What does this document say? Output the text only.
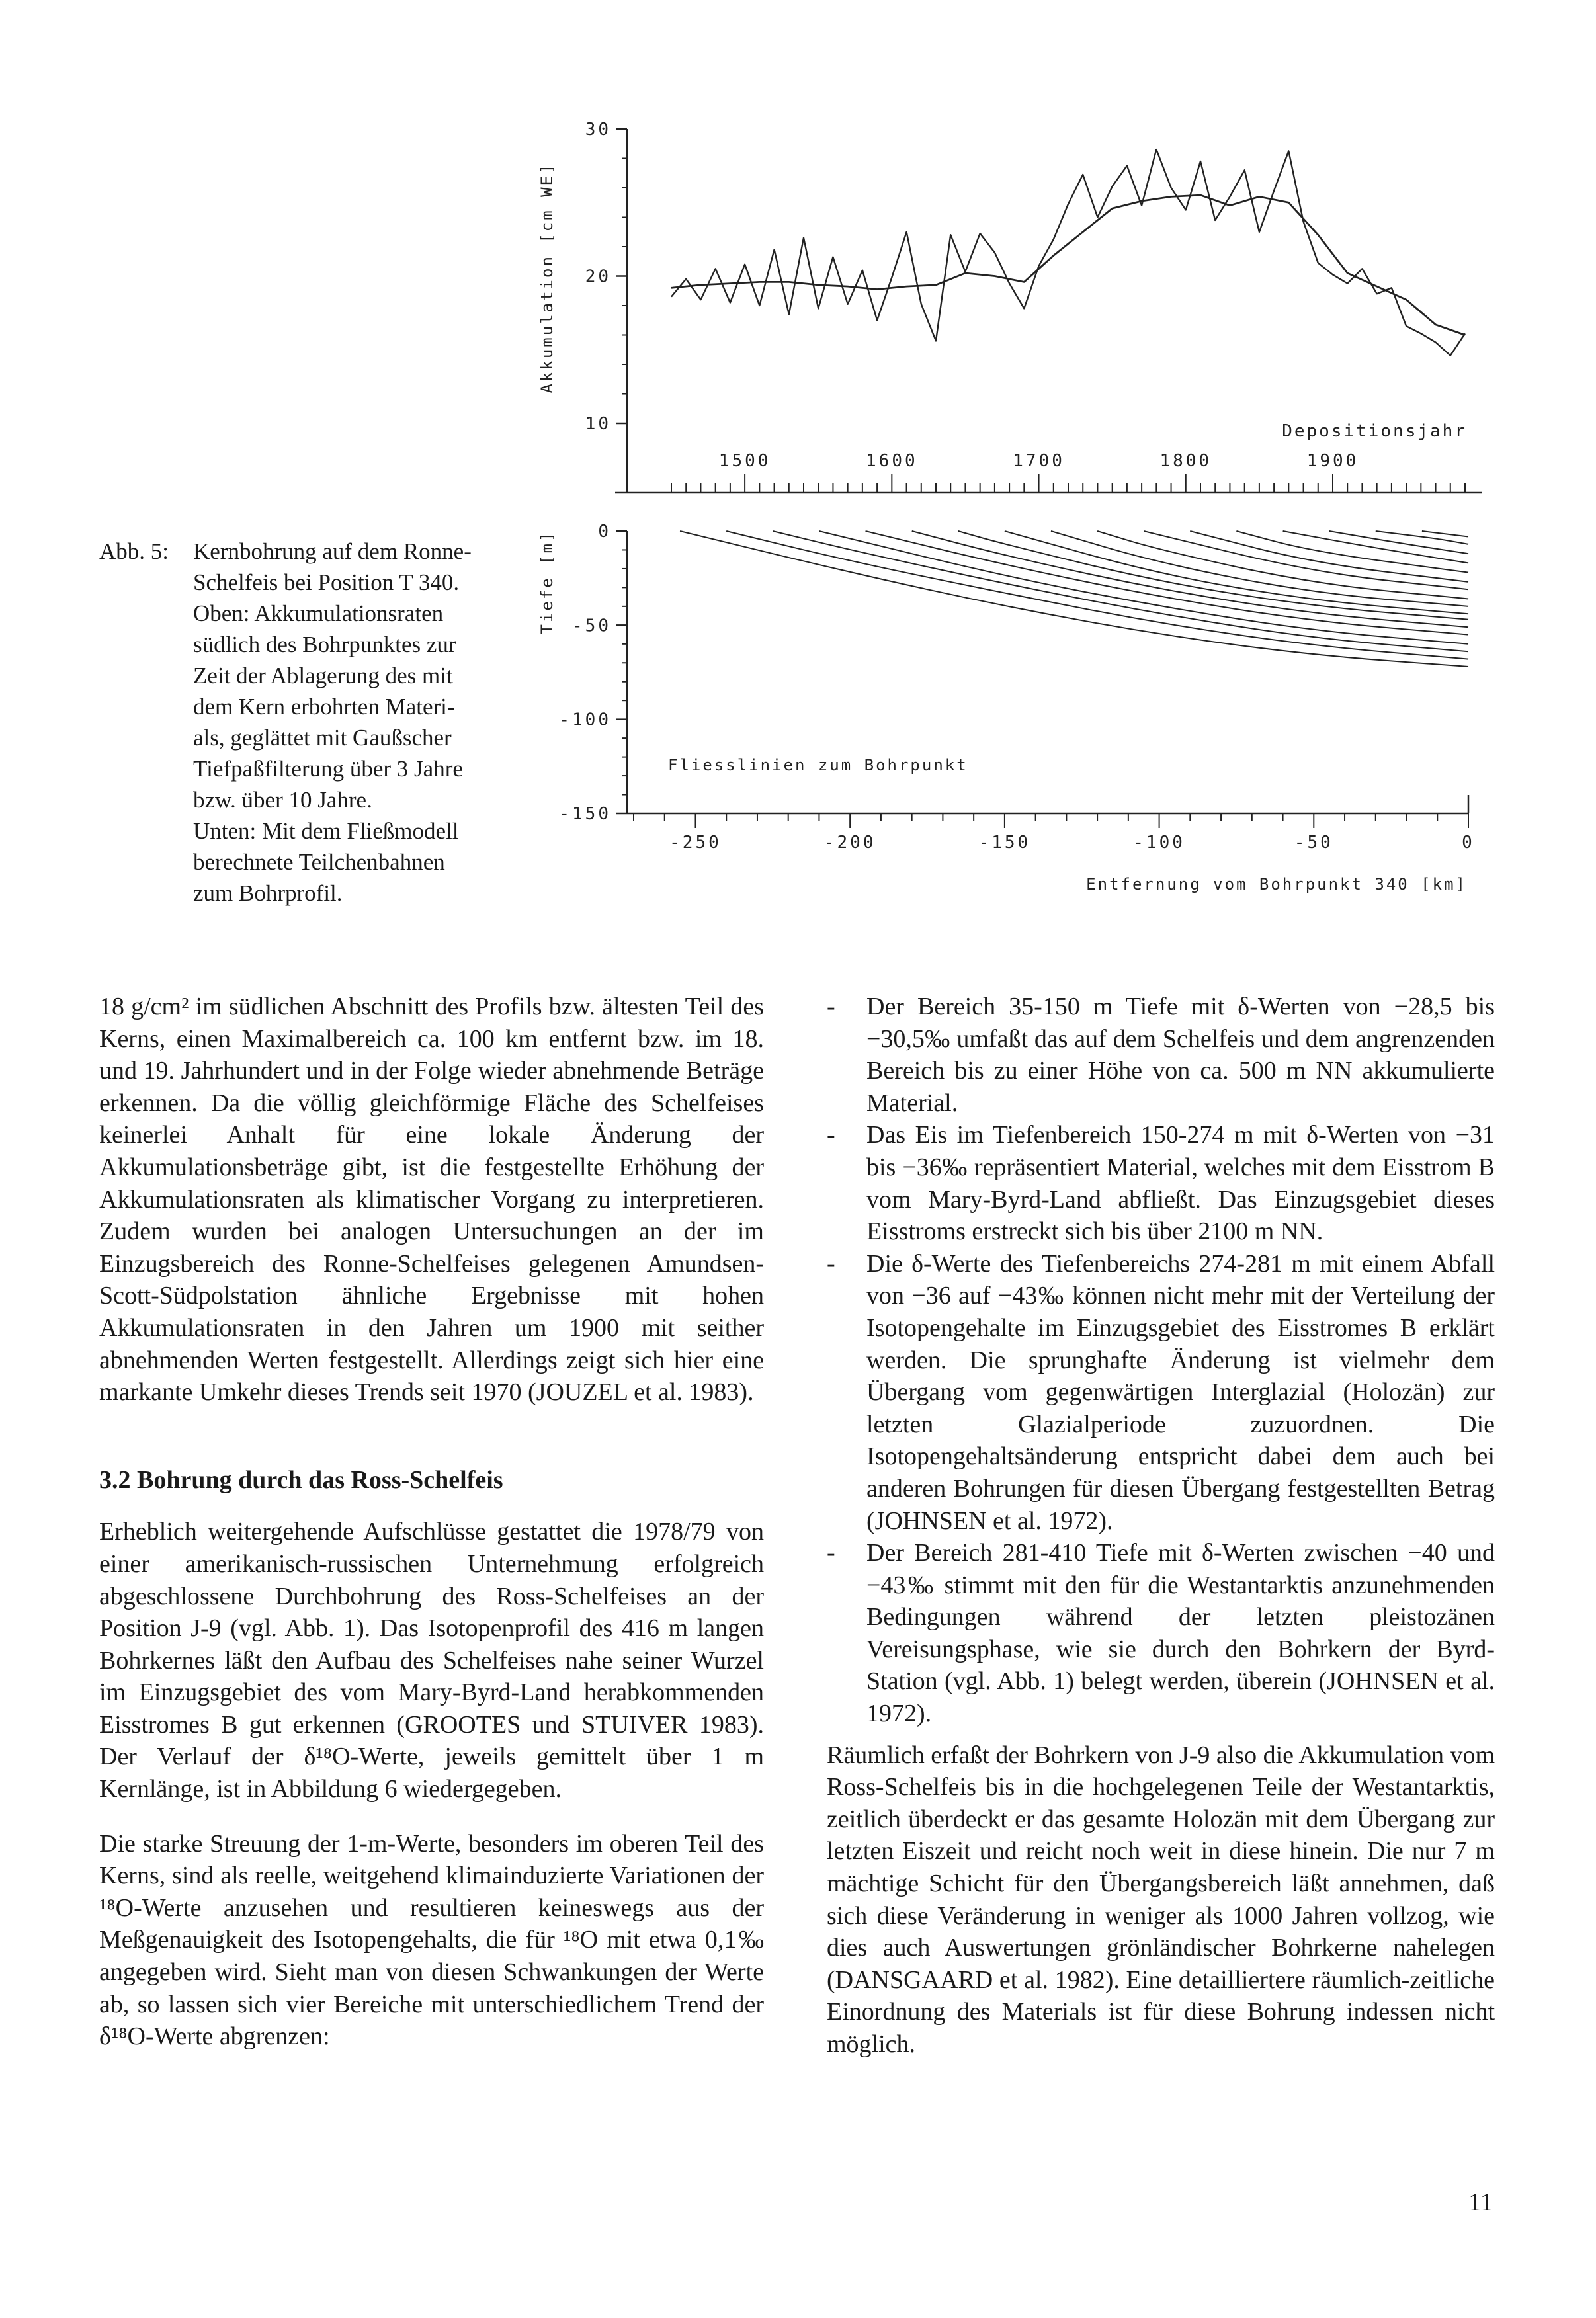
30
20
10
Akkumulation [cm WE]
1500	1600	1700	1800	1900
Depositionsjahr
0
-50
-100
-150
Tiefe [m]
-250	-200	-150	-100	-50	0
Entfernung vom Bohrpunkt 340 [km]
Fliesslinien zum Bohrpunkt

Abb. 5: Kernbohrung auf dem Ronne-
Schelfeis bei Position T 340.
Oben: Akkumulationsraten
südlich des Bohrpunktes zur
Zeit der Ablagerung des mit
dem Kern erbohrten Materi-
als, geglättet mit Gaußscher
Tiefpaßfilterung über 3 Jahre
bzw. über 10 Jahre.
Unten: Mit dem Fließmodell
berechnete Teilchenbahnen
zum Bohrprofil.

18 g/cm² im südlichen Abschnitt des Profils bzw. ältesten Teil des Kerns, einen Maximalbereich ca. 100 km entfernt bzw. im 18. und 19. Jahrhundert und in der Folge wieder abnehmende Beträge erkennen. Da die völlig gleichförmige Fläche des Schelfeises keinerlei Anhalt für eine lokale Änderung der Akkumulationsbeträge gibt, ist die festgestellte Erhöhung der Akkumulationsraten als klimatischer Vorgang zu interpretieren. Zudem wurden bei analogen Untersuchungen an der im Einzugsbereich des Ronne-Schelfeises gelegenen Amundsen-Scott-Südpolstation ähnliche Ergebnisse mit hohen Akkumulationsraten in den Jahren um 1900 mit seither abnehmenden Werten festgestellt. Allerdings zeigt sich hier eine markante Umkehr dieses Trends seit 1970 (JOUZEL et al. 1983).

3.2 Bohrung durch das Ross-Schelfeis

Erheblich weitergehende Aufschlüsse gestattet die 1978/79 von einer amerikanisch-russischen Unternehmung erfolgreich abgeschlossene Durchbohrung des Ross-Schelfeises an der Position J-9 (vgl. Abb. 1). Das Isotopenprofil des 416 m langen Bohrkernes läßt den Aufbau des Schelfeises nahe seiner Wurzel im Einzugsgebiet des vom Mary-Byrd-Land herabkommenden Eisstromes B gut erkennen (GROOTES und STUIVER 1983). Der Verlauf der δ¹⁸O-Werte, jeweils gemittelt über 1 m Kernlänge, ist in Abbildung 6 wiedergegeben.

Die starke Streuung der 1-m-Werte, besonders im oberen Teil des Kerns, sind als reelle, weitgehend klimainduzierte Variationen der ¹⁸O-Werte anzusehen und resultieren keineswegs aus der Meßgenauigkeit des Isotopengehalts, die für ¹⁸O mit etwa 0,1‰ angegeben wird. Sieht man von diesen Schwankungen der Werte ab, so lassen sich vier Bereiche mit unterschiedlichem Trend der δ¹⁸O-Werte abgrenzen:

- Der Bereich 35-150 m Tiefe mit δ-Werten von −28,5 bis −30,5‰ umfaßt das auf dem Schelfeis und dem angrenzenden Bereich bis zu einer Höhe von ca. 500 m NN akkumulierte Material.
- Das Eis im Tiefenbereich 150-274 m mit δ-Werten von −31 bis −36‰ repräsentiert Material, welches mit dem Eisstrom B vom Mary-Byrd-Land abfließt. Das Einzugsgebiet dieses Eisstroms erstreckt sich bis über 2100 m NN.
- Die δ-Werte des Tiefenbereichs 274-281 m mit einem Abfall von −36 auf −43‰ können nicht mehr mit der Verteilung der Isotopengehalte im Einzugsgebiet des Eisstromes B erklärt werden. Die sprunghafte Änderung ist vielmehr dem Übergang vom gegenwärtigen Interglazial (Holozän) zur letzten Glazialperiode zuzuordnen. Die Isotopengehaltsänderung entspricht dabei dem auch bei anderen Bohrungen für diesen Übergang festgestellten Betrag (JOHNSEN et al. 1972).
- Der Bereich 281-410 Tiefe mit δ-Werten zwischen −40 und −43‰ stimmt mit den für die Westantarktis anzunehmenden Bedingungen während der letzten pleistozänen Vereisungsphase, wie sie durch den Bohrkern der Byrd-Station (vgl. Abb. 1) belegt werden, überein (JOHNSEN et al. 1972).

Räumlich erfaßt der Bohrkern von J-9 also die Akkumulation vom Ross-Schelfeis bis in die hochgelegenen Teile der Westantarktis, zeitlich überdeckt er das gesamte Holozän mit dem Übergang zur letzten Eiszeit und reicht noch weit in diese hinein. Die nur 7 m mächtige Schicht für den Übergangsbereich läßt annehmen, daß sich diese Veränderung in weniger als 1000 Jahren vollzog, wie dies auch Auswertungen grönländischer Bohrkerne nahelegen (DANSGAARD et al. 1982). Eine detailliertere räumlich-zeitliche Einordnung des Materials ist für diese Bohrung indessen nicht möglich.

11
